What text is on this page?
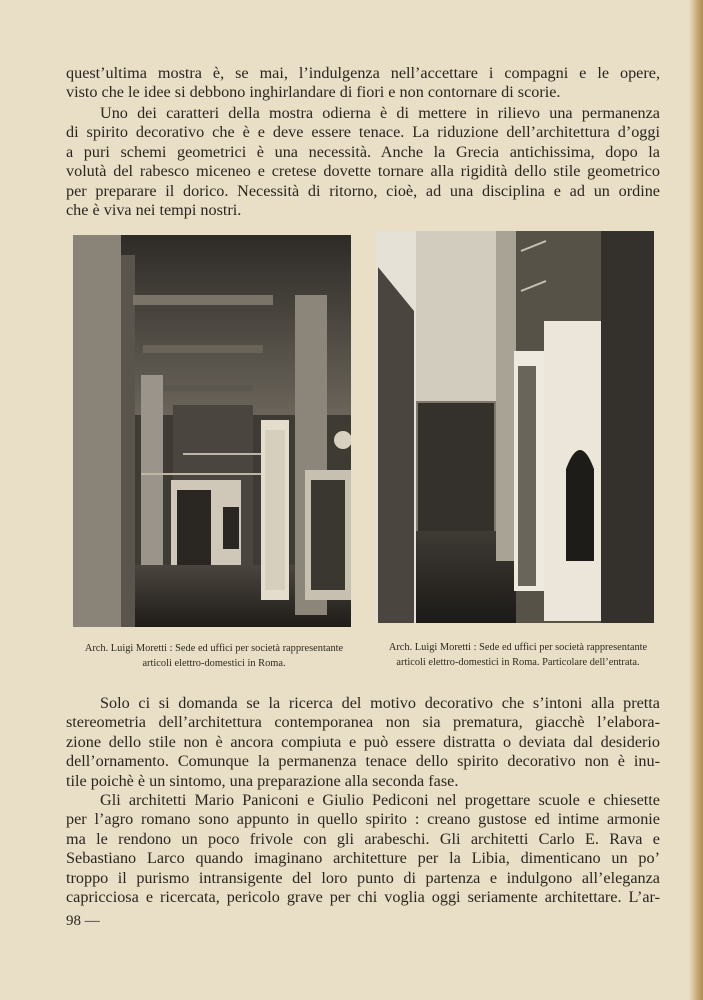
quest’ultima mostra è, se mai, l’indulgenza nell’accettare i compagni e le opere,
visto che le idee si debbono inghirlandare di fiori e non contornare di scorie.
Uno dei caratteri della mostra odierna è di mettere in rilievo una permanenza
di spirito decorativo che è e deve essere tenace. La riduzione dell’architettura d’oggi
a puri schemi geometrici è una necessità. Anche la Grecia antichissima, dopo la
volutà del rabesco miceneo e cretese dovette tornare alla rigidità dello stile geometrico
per preparare il dorico. Necessità di ritorno, cioè, ad una disciplina e ad un ordine
che è viva nei tempi nostri.
Arch. Luigi Moretti : Sede ed uffici per società rappresentante
articoli elettro-domestici in Roma.
Arch. Luigi Moretti : Sede ed uffici per società rappresentante
articoli elettro-domestici in Roma. Particolare dell’entrata.
Solo ci si domanda se la ricerca del motivo decorativo che s’intoni alla pretta
stereometria dell’architettura contemporanea non sia prematura, giacchè l’elabora-
zione dello stile non è ancora compiuta e può essere distratta o deviata dal desiderio
dell’ornamento. Comunque la permanenza tenace dello spirito decorativo non è inu-
tile poichè è un sintomo, una preparazione alla seconda fase.
Gli architetti Mario Paniconi e Giulio Pediconi nel progettare scuole e chiesette
per l’agro romano sono appunto in quello spirito : creano gustose ed intime armonie
ma le rendono un poco frivole con gli arabeschi. Gli architetti Carlo E. Rava e
Sebastiano Larco quando imaginano architetture per la Libia, dimenticano un po’
troppo il purismo intransigente del loro punto di partenza e indulgono all’eleganza
capricciosa e ricercata, pericolo grave per chi voglia oggi seriamente architettare. L’ar-
98 —
